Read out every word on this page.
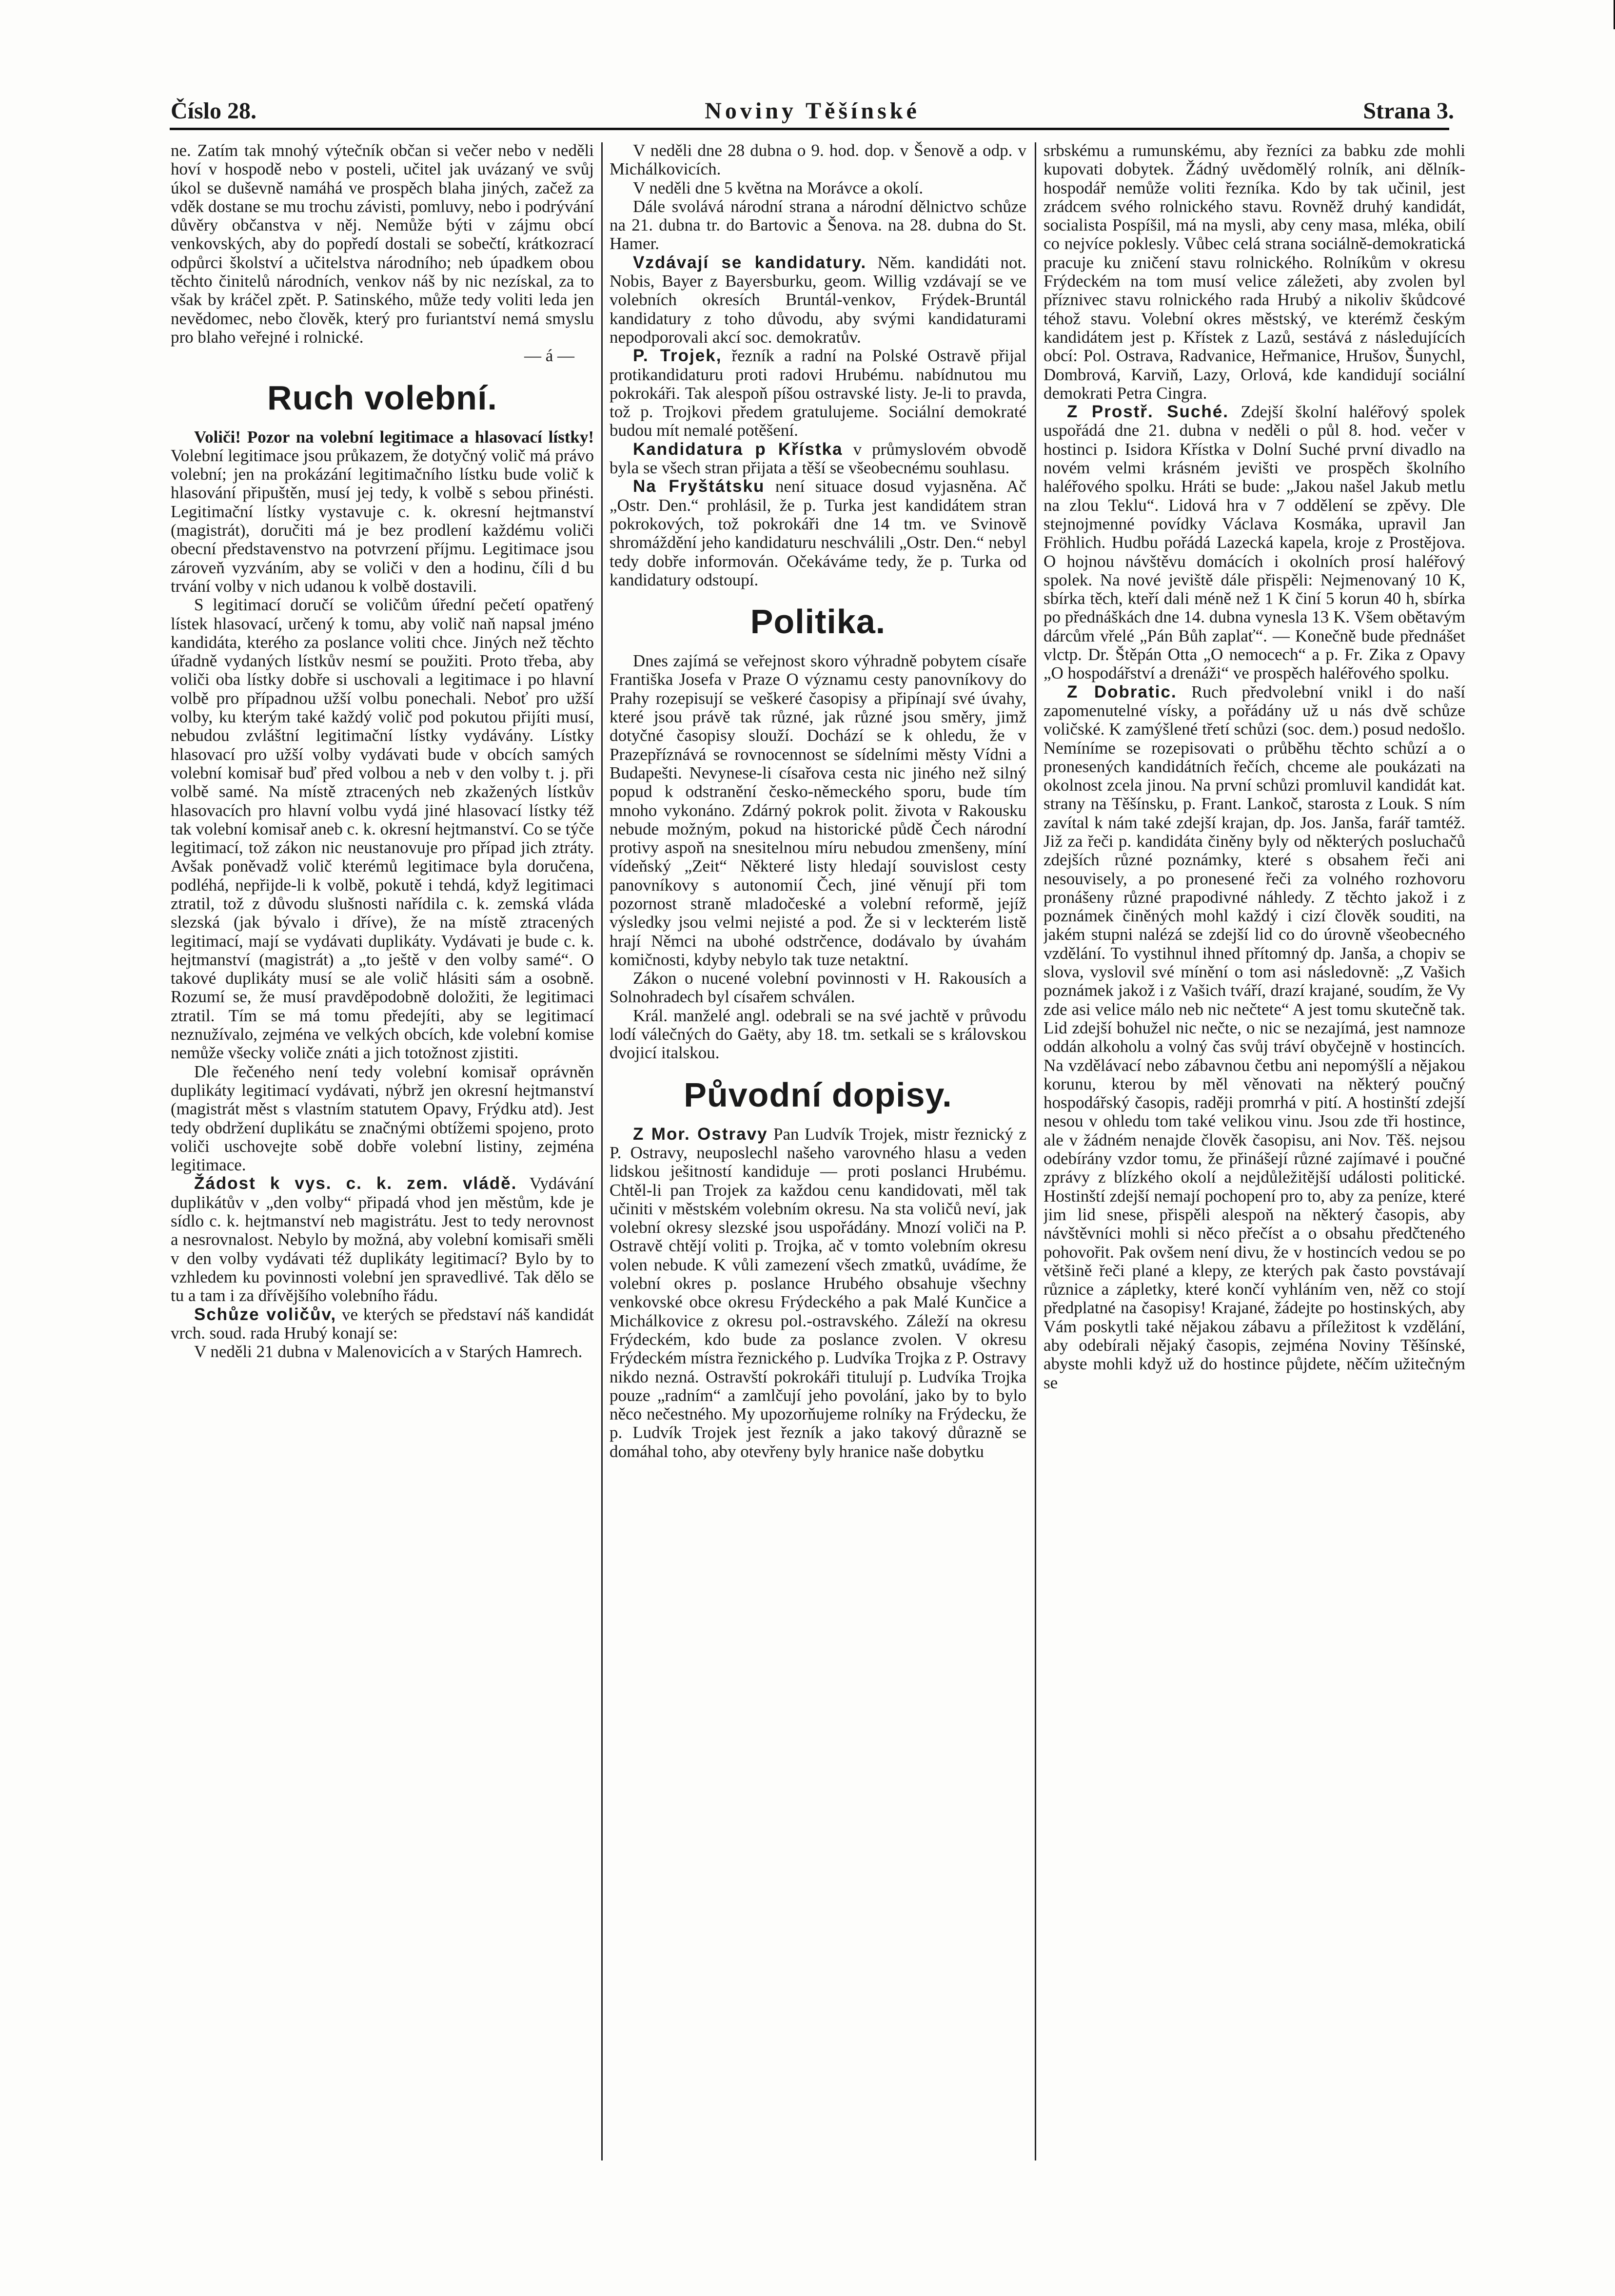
Číslo 28.	Noviny Těšínské	Strana 3.

ne. Zatím tak mnohý výtečník občan si večer nebo v neděli hoví v hospodě nebo v posteli, učitel jak uvázaný ve svůj úkol se duševně namáhá ve prospěch blaha jiných, začež za vděk dostane se mu trochu závisti, pomluvy, nebo i podrývání důvěry občanstva v něj. Nemůže býti v zájmu obcí venkovských, aby do popředí dostali se sobečtí, krátkozrací odpůrci školství a učitelstva národního; neb úpadkem obou těchto činitelů národních, venkov náš by nic nezískal, za to však by kráčel zpět. P. Satinského, může tedy voliti leda jen nevědomec, nebo člověk, který pro furiantství nemá smyslu pro blaho veřejné i rolnické.

— á —

Ruch volební.

Voliči! Pozor na volební legitimace a hlasovací lístky! Volební legitimace jsou průkazem, že dotyčný volič má právo volební; jen na prokázání legitimačního lístku bude volič k hlasování připuštěn, musí jej tedy, k volbě s sebou přinésti. Legitimační lístky vystavuje c. k. okresní hejtmanství (magistrát), doručiti má je bez prodlení každému voliči obecní představenstvo na potvrzení příjmu. Legitimace jsou zároveň vyzváním, aby se voliči v den a hodinu, číli d bu trvání volby v nich udanou k volbě dostavili.

S legitimací doručí se voličům úřední pečetí opatřený lístek hlasovací, určený k tomu, aby volič naň napsal jméno kandidáta, kterého za poslance voliti chce. Jiných než těchto úřadně vydaných lístkův nesmí se použiti. Proto třeba, aby voliči oba lístky dobře si uschovali a legitimace i po hlavní volbě pro případnou užší volbu ponechali. Neboť pro užší volby, ku kterým také každý volič pod pokutou přijíti musí, nebudou zvláštní legitimační lístky vydávány. Lístky hlasovací pro užší volby vydávati bude v obcích samých volební komisař buď před volbou a neb v den volby t. j. při volbě samé. Na místě ztracených neb zkažených lístkův hlasovacích pro hlavní volbu vydá jiné hlasovací lístky též tak volební komisař aneb c. k. okresní hejtmanství. Co se týče legitimací, tož zákon nic neustanovuje pro případ jich ztráty. Avšak poněvadž volič kterémů legitimace byla doručena, podléhá, nepřijde-li k volbě, pokutě i tehdá, když legitimaci ztratil, tož z důvodu slušnosti nařídila c. k. zemská vláda slezská (jak bývalo i dříve), že na místě ztracených legitimací, mají se vydávati duplikáty. Vydávati je bude c. k. hejtmanství (magistrát) a „to ještě v den volby samé“. O takové duplikáty musí se ale volič hlásiti sám a osobně. Rozumí se, že musí pravděpodobně doložiti, že legitimaci ztratil. Tím se má tomu předejíti, aby se legitimací neznužívalo, zejména ve velkých obcích, kde volební komise nemůže všecky voliče znáti a jich totožnost zjistiti.

Dle řečeného není tedy volební komisař oprávněn duplikáty legitimací vydávati, nýbrž jen okresní hejtmanství (magistrát měst s vlastním statutem Opavy, Frýdku atd). Jest tedy obdržení duplikátu se značnými obtížemi spojeno, proto voliči uschovejte sobě dobře volební listiny, zejména legitimace.

Žádost k vys. c. k. zem. vládě. Vydávání duplikátův v „den volby“ připadá vhod jen městům, kde je sídlo c. k. hejtmanství neb magistrátu. Jest to tedy nerovnost a nesrovnalost. Nebylo by možná, aby volební komisaři směli v den volby vydávati též duplikáty legitimací? Bylo by to vzhledem ku povinnosti volební jen spravedlivé. Tak dělo se tu a tam i za dřívějšího volebního řádu.

Schůze voličův, ve kterých se představí náš kandidát vrch. soud. rada Hrubý konají se:

V neděli 21 dubna v Malenovicích a v Starých Hamrech.

V neděli dne 28 dubna o 9. hod. dop. v Šenově a odp. v Michálkovicích.

V neděli dne 5 května na Morávce a okolí.

Dále svolává národní strana a národní dělnictvo schůze na 21. dubna tr. do Bartovic a Šenova. na 28. dubna do St. Hamer.

Vzdávají se kandidatury. Něm. kandidáti not. Nobis, Bayer z Bayersburku, geom. Willig vzdávají se ve volebních okresích Bruntál-venkov, Frýdek-Bruntál kandidatury z toho důvodu, aby svými kandidaturami nepodporovali akcí soc. demokratův.

P. Trojek, řezník a radní na Polské Ostravě přijal protikandidaturu proti radovi Hrubému. nabídnutou mu pokrokáři. Tak alespoň píšou ostravské listy. Je-li to pravda, tož p. Trojkovi předem gratulujeme. Sociální demokraté budou mít nemalé potěšení.

Kandidatura p Křístka v průmyslovém obvodě byla se všech stran přijata a těší se všeobecnému souhlasu.

Na Fryštátsku není situace dosud vyjasněna. Ač „Ostr. Den.“ prohlásil, že p. Turka jest kandidátem stran pokrokových, tož pokrokáři dne 14 tm. ve Svinově shromáždění jeho kandidaturu neschválili „Ostr. Den.“ nebyl tedy dobře informován. Očekáváme tedy, že p. Turka od kandidatury odstoupí.

Politika.

Dnes zajímá se veřejnost skoro výhradně pobytem císaře Františka Josefa v Praze O významu cesty panovníkovy do Prahy rozepisují se veškeré časopisy a připínají své úvahy, které jsou právě tak různé, jak různé jsou směry, jimž dotyčné časopisy slouží. Dochází se k ohledu, že v Prazepříznává se rovnocennost se sídelními městy Vídni a Budapešti. Nevynese-li císařova cesta nic jiného než silný popud k odstranění česko-německého sporu, bude tím mnoho vykonáno. Zdárný pokrok polit. života v Rakousku nebude možným, pokud na historické půdě Čech národní protivy aspoň na snesitelnou míru nebudou zmenšeny, míní vídeňský „Zeit“ Některé listy hledají souvislost cesty panovníkovy s autonomií Čech, jiné věnují při tom pozornost straně mladočeské a volební reformě, jejíž výsledky jsou velmi nejisté a pod. Že si v leckterém listě hrají Němci na ubohé odstrčence, dodávalo by úvahám komičnosti, kdyby nebylo tak tuze netaktní.

Zákon o nucené volební povinnosti v H. Rakousích a Solnohradech byl císařem schválen.

Král. manželé angl. odebrali se na své jachtě v průvodu lodí válečných do Gaëty, aby 18. tm. setkali se s královskou dvojicí italskou.

Původní dopisy.

Z Mor. Ostravy Pan Ludvík Trojek, mistr řeznický z P. Ostravy, neuposlechl našeho varovného hlasu a veden lidskou ješitností kandiduje — proti poslanci Hrubému. Chtěl-li pan Trojek za každou cenu kandidovati, měl tak učiniti v městském volebním okresu. Na sta voličů neví, jak volební okresy slezské jsou uspořádány. Mnozí voliči na P. Ostravě chtějí voliti p. Trojka, ač v tomto volebním okresu volen nebude. K vůli zamezení všech zmatků, uvádíme, že volební okres p. poslance Hrubého obsahuje všechny venkovské obce okresu Frýdeckého a pak Malé Kunčice a Michálkovice z okresu pol.-ostravského. Záleží na okresu Frýdeckém, kdo bude za poslance zvolen. V okresu Frýdeckém místra řeznického p. Ludvíka Trojka z P. Ostravy nikdo nezná. Ostravští pokrokáři titulují p. Ludvíka Trojka pouze „radním“ a zamlčují jeho povolání, jako by to bylo něco nečestného. My upozorňujeme rolníky na Frýdecku, že p. Ludvík Trojek jest řezník a jako takový důrazně se domáhal toho, aby otevřeny byly hranice naše dobytku

srbskému a rumunskému, aby řezníci za babku zde mohli kupovati dobytek. Žádný uvědomělý rolník, ani dělník-hospodář nemůže voliti řezníka. Kdo by tak učinil, jest zrádcem svého rolnického stavu. Rovněž druhý kandidát, socialista Pospíšil, má na mysli, aby ceny masa, mléka, obilí co nejvíce poklesly. Vůbec celá strana sociálně-demokratická pracuje ku zničení stavu rolnického. Rolníkům v okresu Frýdeckém na tom musí velice záležeti, aby zvolen byl příznivec stavu rolnického rada Hrubý a nikoliv škůdcové téhož stavu. Volební okres městský, ve kterémž českým kandidátem jest p. Křístek z Lazů, sestává z následujících obcí: Pol. Ostrava, Radvanice, Heřmanice, Hrušov, Šunychl, Dombrová, Karviň, Lazy, Orlová, kde kandidují sociální demokrati Petra Cingra.

Z Prostř. Suché. Zdejší školní haléřový spolek uspořádá dne 21. dubna v neděli o půl 8. hod. večer v hostinci p. Isidora Křístka v Dolní Suché první divadlo na novém velmi krásném jevišti ve prospěch školního haléřového spolku. Hráti se bude: „Jakou našel Jakub metlu na zlou Teklu“. Lidová hra v 7 oddělení se zpěvy. Dle stejnojmenné povídky Václava Kosmáka, upravil Jan Fröhlich. Hudbu pořádá Lazecká kapela, kroje z Prostějova. O hojnou návštěvu domácích i okolních prosí haléřový spolek. Na nové jeviště dále přispěli: Nejmenovaný 10 K, sbírka těch, kteří dali méně než 1 K činí 5 korun 40 h, sbírka po přednáškách dne 14. dubna vynesla 13 K. Všem obětavým dárcům vřelé „Pán Bůh zaplať“. — Konečně bude přednášet vlctp. Dr. Štěpán Otta „O nemocech“ a p. Fr. Zika z Opavy „O hospodářství a drenáži“ ve prospěch haléřového spolku.

Z Dobratic. Ruch předvolební vnikl i do naší zapomenutelné vísky, a pořádány už u nás dvě schůze voličské. K zamýšlené třetí schůzi (soc. dem.) posud nedošlo. Nemíníme se rozepisovati o průběhu těchto schůzí a o pronesených kandidátních řečích, chceme ale poukázati na okolnost zcela jinou. Na první schůzi promluvil kandidát kat. strany na Těšínsku, p. Frant. Lankoč, starosta z Louk. S ním zavítal k nám také zdejší krajan, dp. Jos. Janša, farář tamtéž. Již za řeči p. kandidáta činěny byly od některých posluchačů zdejších různé poznámky, které s obsahem řeči ani nesouvisely, a po pronesené řeči za volného rozhovoru pronášeny různé prapodivné náhledy. Z těchto jakož i z poznámek činěných mohl každý i cizí člověk souditi, na jakém stupni nalézá se zdejší lid co do úrovně všeobecného vzdělání. To vystihnul ihned přítomný dp. Janša, a chopiv se slova, vyslovil své mínění o tom asi následovně: „Z Vašich poznámek jakož i z Vašich tváří, drazí krajané, soudím, že Vy zde asi velice málo neb nic nečtete“ A jest tomu skutečně tak. Lid zdejší bohužel nic nečte, o nic se nezajímá, jest namnoze oddán alkoholu a volný čas svůj tráví obyčejně v hostincích. Na vzdělávací nebo zábavnou četbu ani nepomýšlí a nějakou korunu, kterou by měl věnovati na některý poučný hospodářský časopis, raději promrhá v pití. A hostinští zdejší nesou v ohledu tom také velikou vinu. Jsou zde tři hostince, ale v žádném nenajde člověk časopisu, ani Nov. Těš. nejsou odebírány vzdor tomu, že přinášejí různé zajímavé i poučné zprávy z blízkého okolí a nejdůležitější události politické. Hostinští zdejší nemají pochopení pro to, aby za peníze, které jim lid snese, přispěli alespoň na některý časopis, aby návštěvníci mohli si něco přečíst a o obsahu předčteného pohovořit. Pak ovšem není divu, že v hostincích vedou se po většině řeči plané a klepy, ze kterých pak často povstávají různice a zápletky, které končí vyhláním ven, něž co stojí předplatné na časopisy! Krajané, žádejte po hostinských, aby Vám poskytli také nějakou zábavu a příležitost k vzdělání, aby odebírali nějaký časopis, zejména Noviny Těšínské, abyste mohli když už do hostince půjdete, něčím užitečným se
